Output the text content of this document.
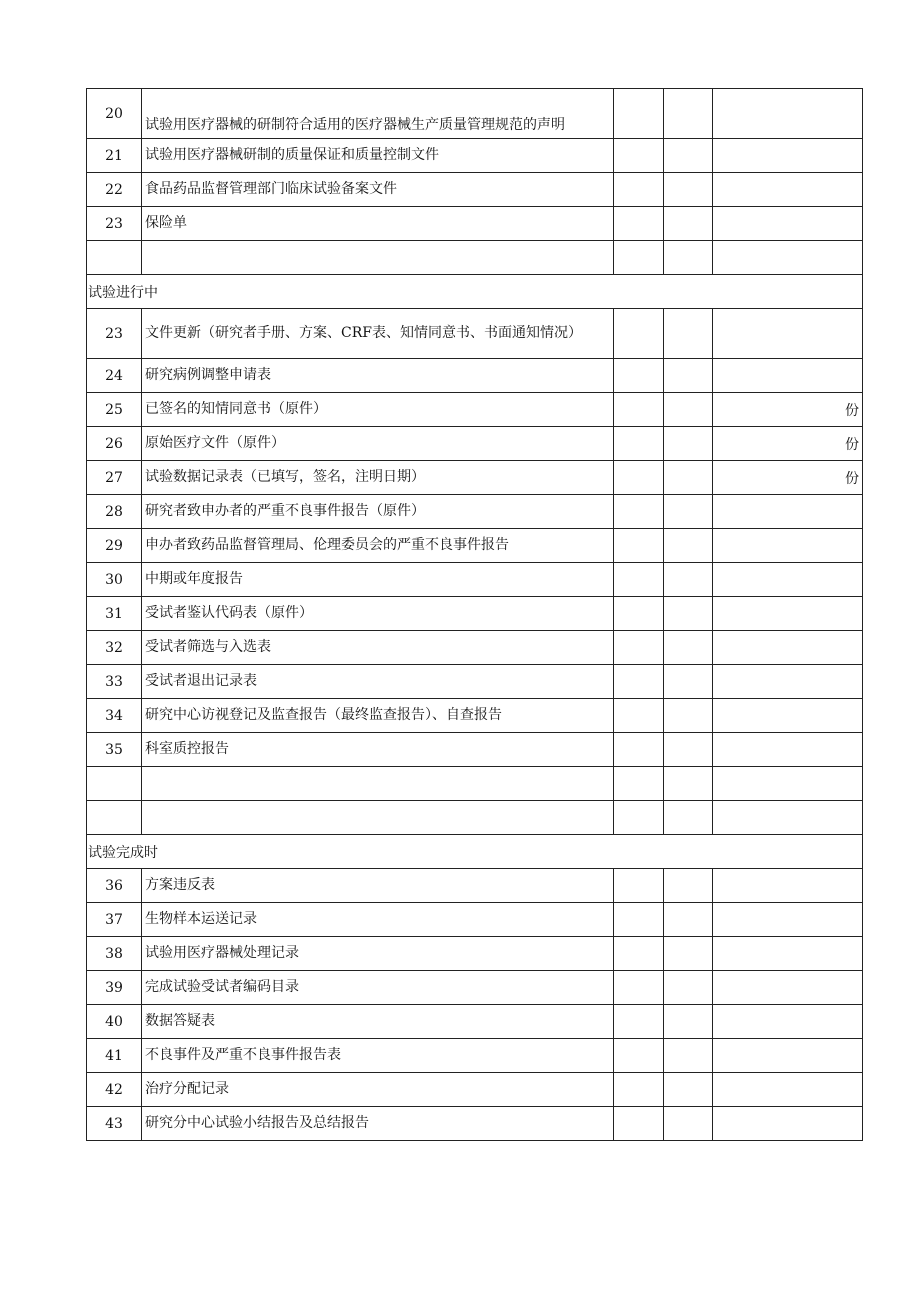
20	试验用医疗器械的研制符合适用的医疗器械生产质量管理规范的声明			
21	试验用医疗器械研制的质量保证和质量控制文件			
22	食品药品监督管理部门临床试验备案文件			
23	保险单			

试验进行中				
23	文件更新（研究者手册、方案、CRF表、知情同意书、书面通知情况）			
24	研究病例调整申请表			
25	已签名的知情同意书（原件）			份
26	原始医疗文件（原件）			份
27	试验数据记录表（已填写，签名，注明日期）			份
28	研究者致申办者的严重不良事件报告（原件）			
29	申办者致药品监督管理局、伦理委员会的严重不良事件报告			
30	中期或年度报告			
31	受试者鉴认代码表（原件）			
32	受试者筛选与入选表			
33	受试者退出记录表			
34	研究中心访视登记及监查报告（最终监查报告）、自查报告			
35	科室质控报告			

试验完成时				
36	方案违反表			
37	生物样本运送记录			
38	试验用医疗器械处理记录			
39	完成试验受试者编码目录			
40	数据答疑表			
41	不良事件及严重不良事件报告表			
42	治疗分配记录			
43	研究分中心试验小结报告及总结报告			
